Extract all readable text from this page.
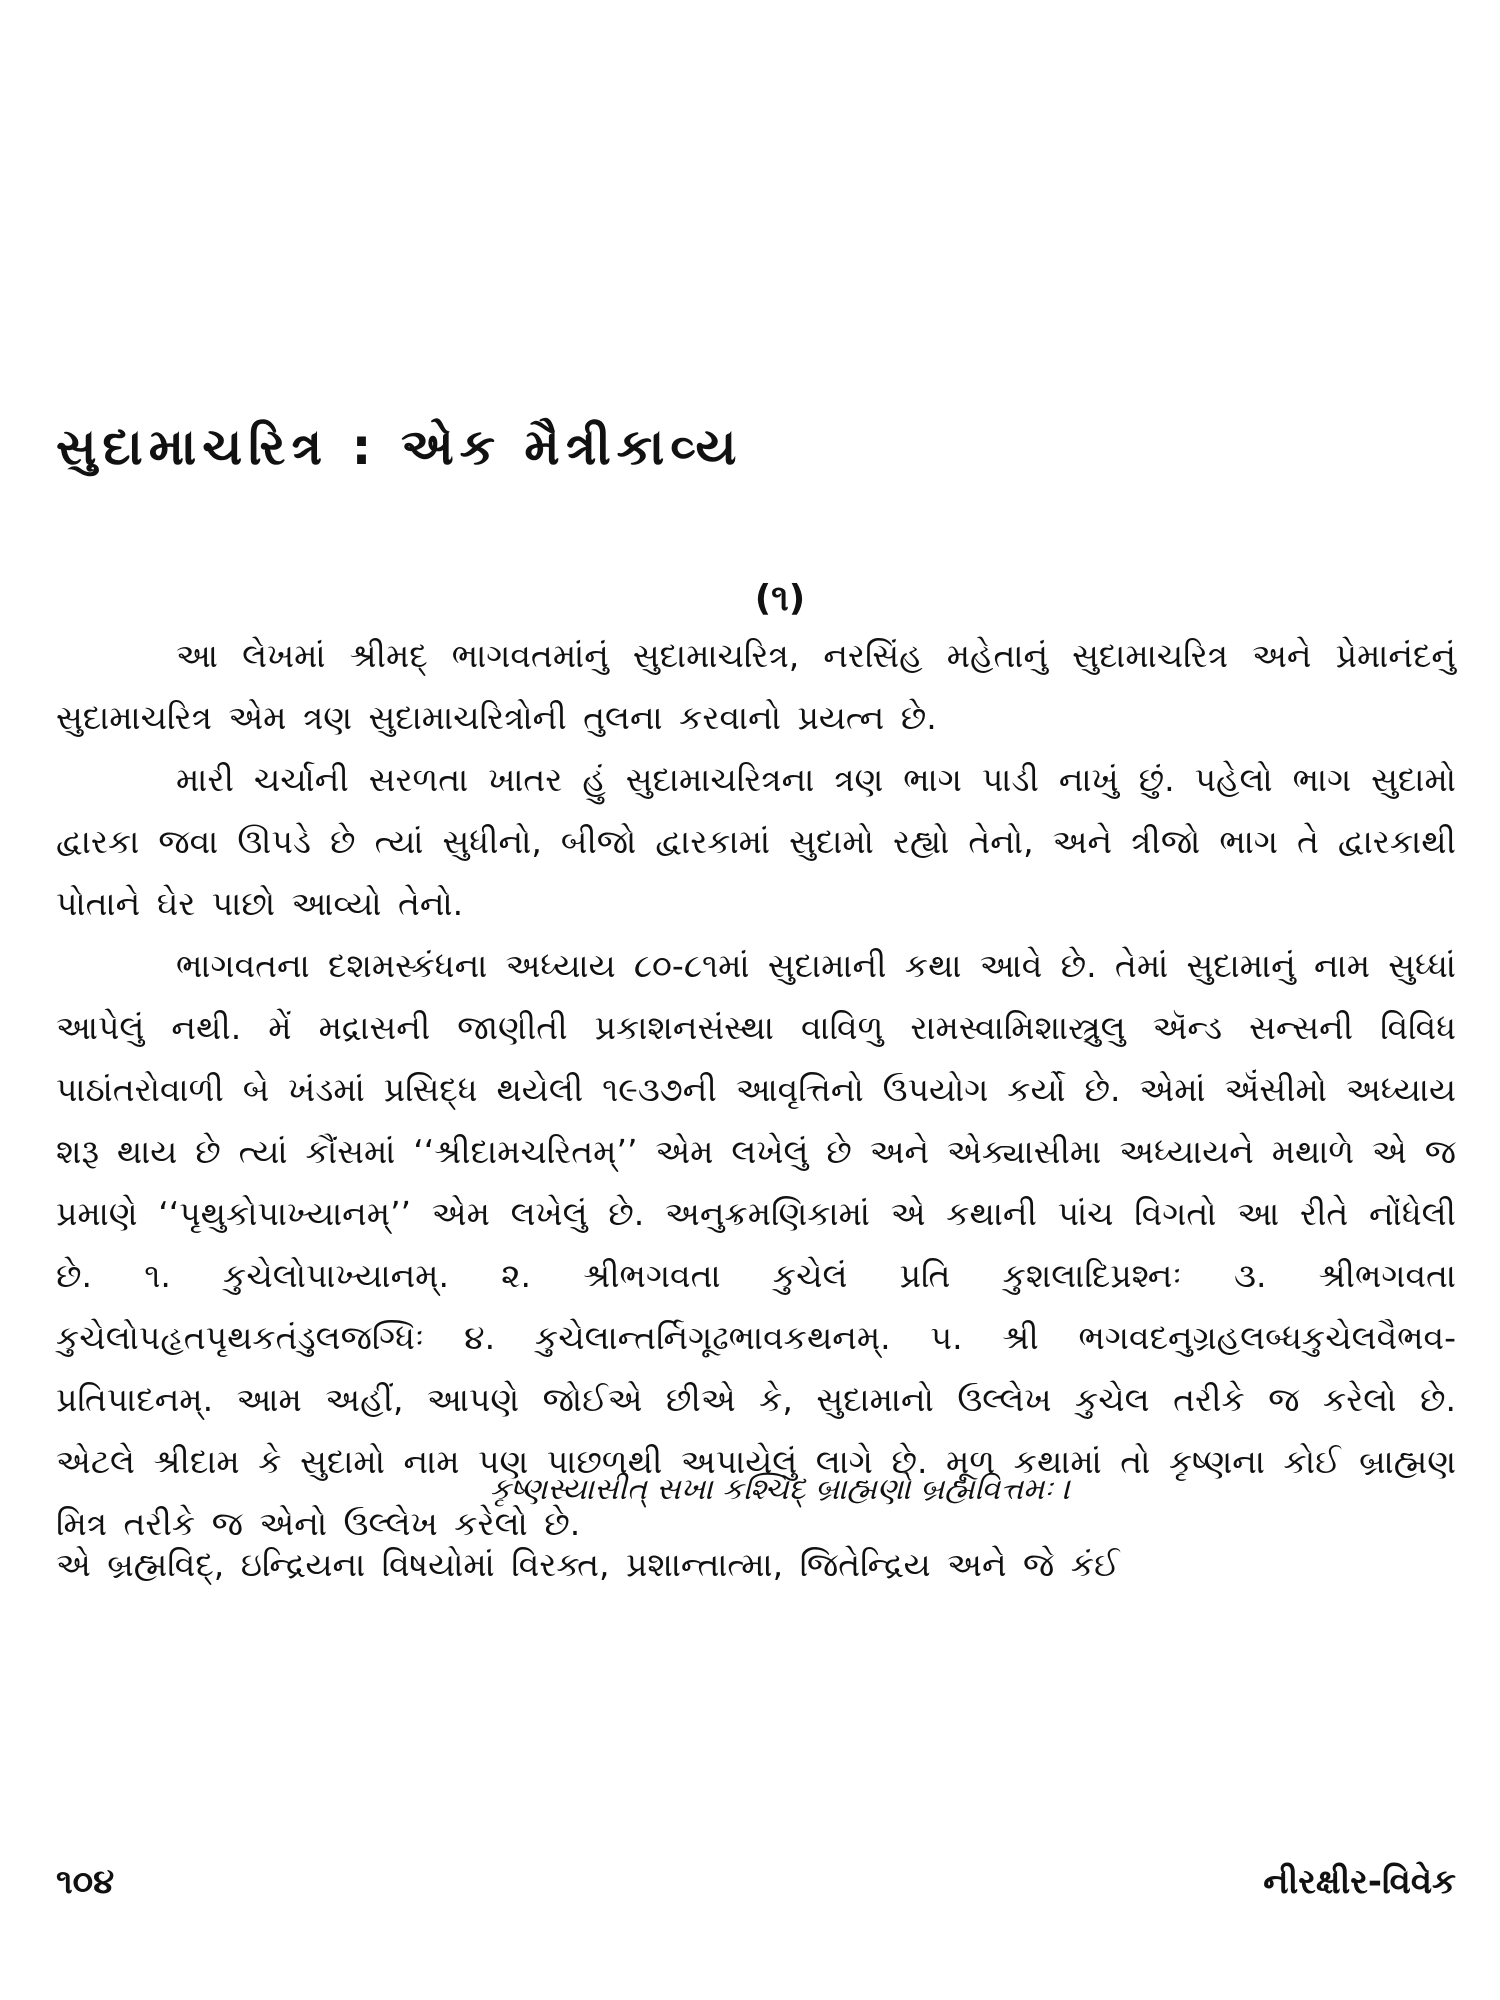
સુદામાચરિત્ર : એક મૈત્રીકાવ્ય
(૧)

આ લેખમાં શ્રીમદ્ ભાગવતમાંનું સુદામાચરિત્ર, નરસિંહ મહેતાનું સુદામાચરિત્ર અને પ્રેમાનંદનું સુદામાચરિત્ર એમ ત્રણ સુદામાચરિત્રોની તુલના કરવાનો પ્રયત્ન છે.

મારી ચર્ચાની સરળતા ખાતર હું સુદામાચરિત્રના ત્રણ ભાગ પાડી નાખું છું. પહેલો ભાગ સુદામો દ્વારકા જવા ઊપડે છે ત્યાં સુધીનો, બીજો દ્વારકામાં સુદામો રહ્યો તેનો, અને ત્રીજો ભાગ તે દ્વારકાથી પોતાને ઘેર પાછો આવ્યો તેનો.

ભાગવતના દશમસ્કંધના અધ્યાય ૮૦-૮૧માં સુદામાની કથા આવે છે. તેમાં સુદામાનું નામ સુધ્ધાં આપેલું નથી. મેં મદ્રાસની જાણીતી પ્રકાશનસંસ્થા વાવિળુ રામસ્વામિશાસ્ત્રુલુ ઍન્ડ સન્સની વિવિધ પાઠાંતરોવાળી બે ખંડમાં પ્રસિદ્ધ થયેલી ૧૯૩૭ની આવૃત્તિનો ઉપયોગ કર્યો છે. એમાં ઍંસીમો અધ્યાય શરૂ થાય છે ત્યાં કૌંસમાં ‘‘શ્રીદામચરિતમ્’’ એમ લખેલું છે અને એક્યાસીમા અધ્યાયને મથાળે એ જ પ્રમાણે ‘‘પૃથુકોપાખ્યાનમ્’’ એમ લખેલું છે. અનુક્રમણિકામાં એ કથાની પાંચ વિગતો આ રીતે નોંધેલી છે. ૧. કુચેલોપાખ્યાનમ્. ૨. શ્રીભગવતા કુચેલં પ્રતિ કુશલાદિપ્રશ્નઃ ૩. શ્રીભગવતા કુચેલોપહૃતપૃથકતંડુલજગ્ધિઃ ૪. કુચેલાન્તર્નિગૂઢભાવકથનમ્. ૫. શ્રી ભગવદનુગ્રહલબ્ધકુચેલવૈભવ-પ્રતિપાદનમ્. આમ અહીં, આપણે જોઈએ છીએ કે, સુદામાનો ઉલ્લેખ કુચેલ તરીકે જ કરેલો છે. એટલે શ્રીદામ કે સુદામો નામ પણ પાછળથી અપાયેલું લાગે છે. મૂળ કથામાં તો કૃષ્ણના કોઈ બ્રાહ્મણ મિત્ર તરીકે જ એનો ઉલ્લેખ કરેલો છે.

કૃષ્ણસ્યાસીત્ સખા કશ્ચિદ્ બ્રાહ્મણો બ્રહ્મવિત્તમઃ ।
એ બ્રહ્મવિદ્, ઇન્દ્રિયના વિષયોમાં વિરક્ત, પ્રશાન્તાત્મા, જિતેન્દ્રિય અને જે કંઈ
૧૦૪	નીરક્ષીર-વિવેક
